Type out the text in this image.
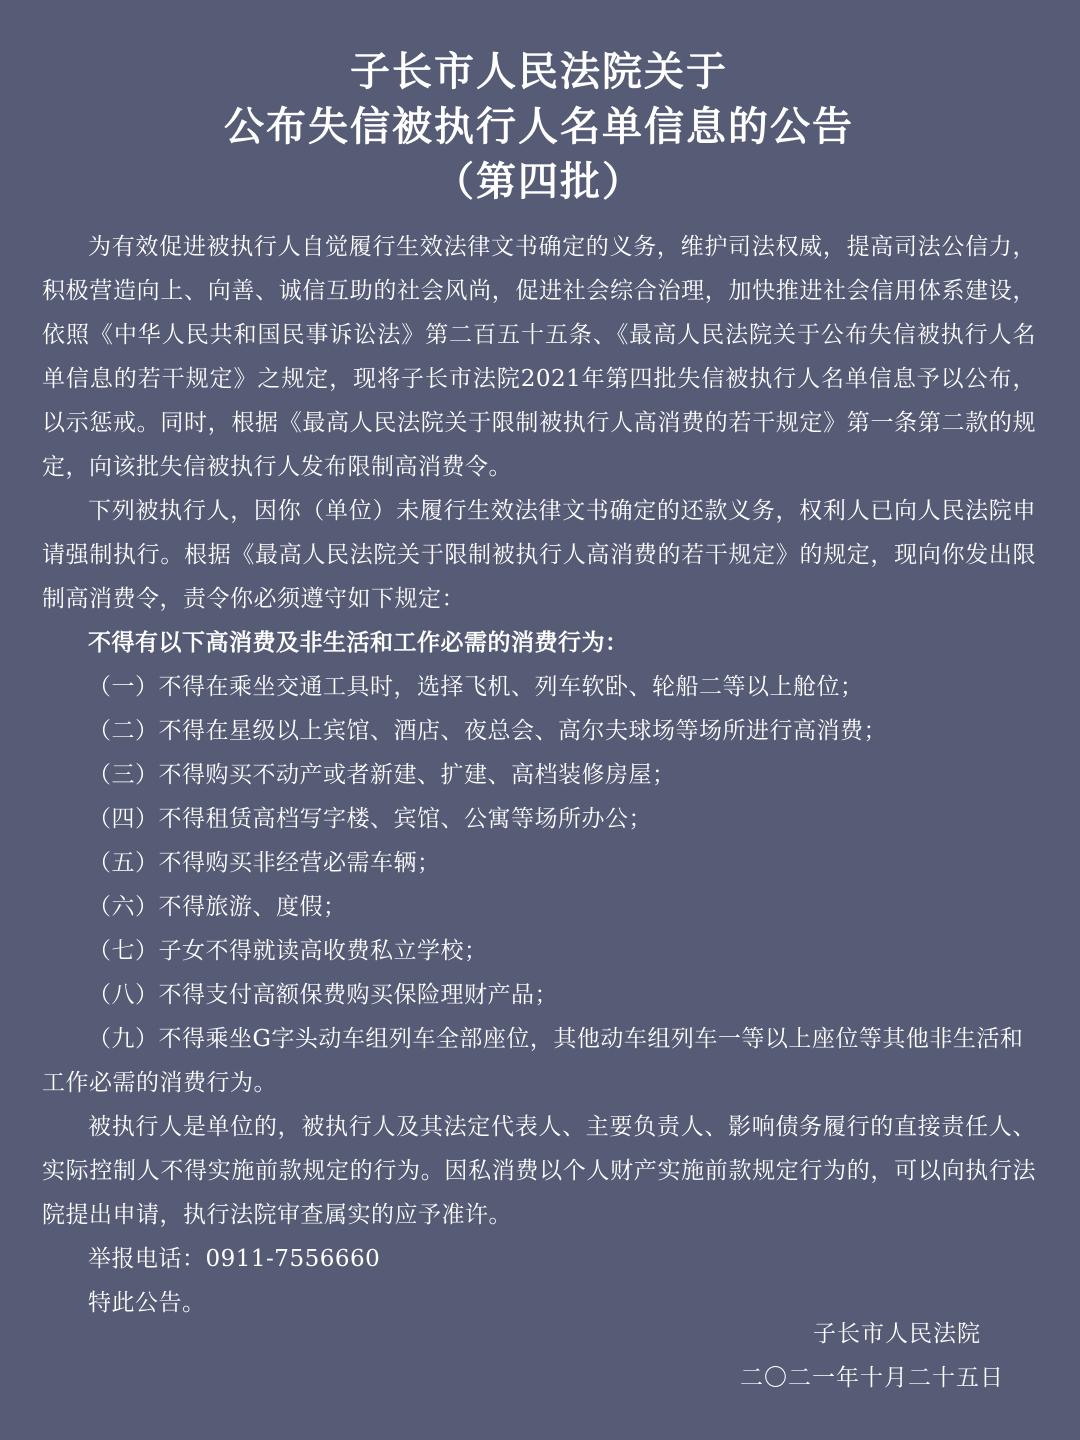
子长市人民法院关于
公布失信被执行人名单信息的公告
（第四批）

为有效促进被执行人自觉履行生效法律文书确定的义务，维护司法权威，提高司法公信力，积极营造向上、向善、诚信互助的社会风尚，促进社会综合治理，加快推进社会信用体系建设，依照《中华人民共和国民事诉讼法》第二百五十五条、《最高人民法院关于公布失信被执行人名单信息的若干规定》之规定，现将子长市法院2021年第四批失信被执行人名单信息予以公布，以示惩戒。同时，根据《最高人民法院关于限制被执行人高消费的若干规定》第一条第二款的规定，向该批失信被执行人发布限制高消费令。

下列被执行人，因你（单位）未履行生效法律文书确定的还款义务，权利人已向人民法院申请强制执行。根据《最高人民法院关于限制被执行人高消费的若干规定》的规定，现向你发出限制高消费令，责令你必须遵守如下规定：

不得有以下高消费及非生活和工作必需的消费行为：

（一）不得在乘坐交通工具时，选择飞机、列车软卧、轮船二等以上舱位；

（二）不得在星级以上宾馆、酒店、夜总会、高尔夫球场等场所进行高消费；

（三）不得购买不动产或者新建、扩建、高档装修房屋；

（四）不得租赁高档写字楼、宾馆、公寓等场所办公；

（五）不得购买非经营必需车辆；

（六）不得旅游、度假；

（七）子女不得就读高收费私立学校；

（八）不得支付高额保费购买保险理财产品；

（九）不得乘坐G字头动车组列车全部座位，其他动车组列车一等以上座位等其他非生活和工作必需的消费行为。

被执行人是单位的，被执行人及其法定代表人、主要负责人、影响债务履行的直接责任人、实际控制人不得实施前款规定的行为。因私消费以个人财产实施前款规定行为的，可以向执行法院提出申请，执行法院审查属实的应予准许。

举报电话：0911-7556660

特此公告。

子长市人民法院
二〇二一年十月二十五日
